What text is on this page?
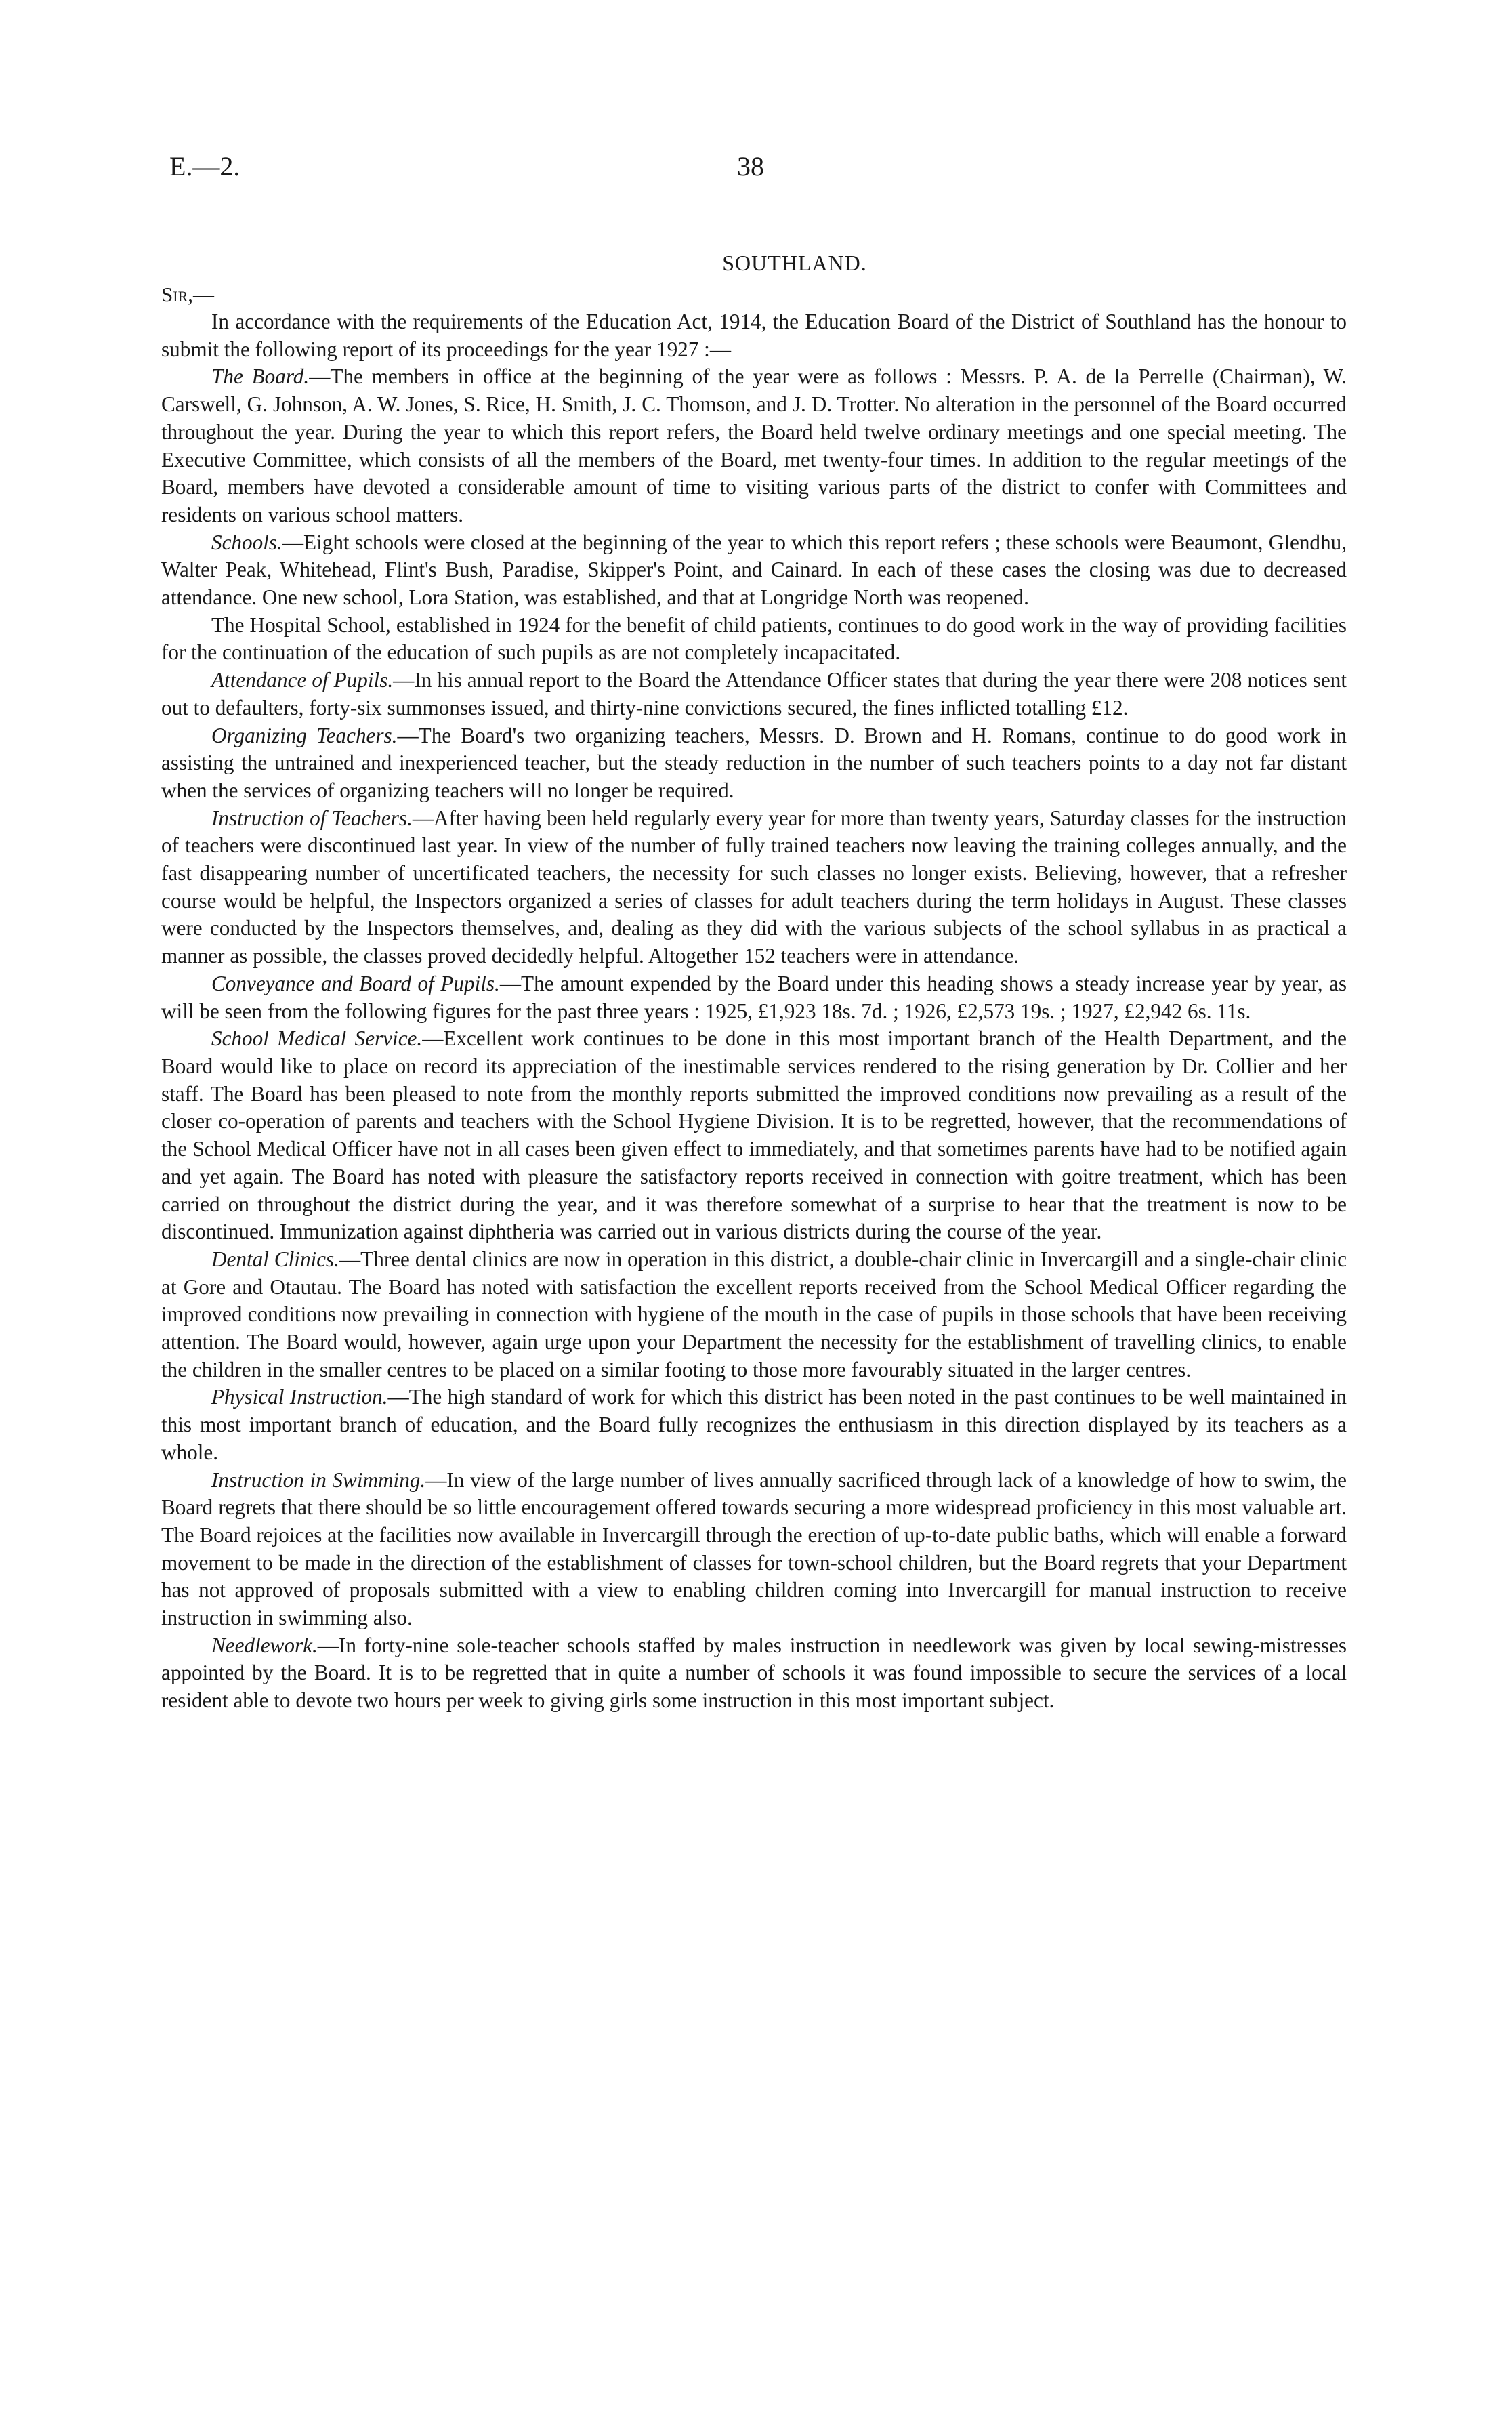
E.—2.	38
SOUTHLAND.
Sir,—

In accordance with the requirements of the Education Act, 1914, the Education Board of the District of Southland has the honour to submit the following report of its proceedings for the year 1927 :—

The Board.—The members in office at the beginning of the year were as follows : Messrs. P. A. de la Perrelle (Chairman), W. Carswell, G. Johnson, A. W. Jones, S. Rice, H. Smith, J. C. Thomson, and J. D. Trotter. No alteration in the personnel of the Board occurred throughout the year. During the year to which this report refers, the Board held twelve ordinary meetings and one special meeting. The Executive Committee, which consists of all the members of the Board, met twenty-four times. In addition to the regular meetings of the Board, members have devoted a considerable amount of time to visiting various parts of the district to confer with Committees and residents on various school matters.

Schools.—Eight schools were closed at the beginning of the year to which this report refers ; these schools were Beaumont, Glendhu, Walter Peak, Whitehead, Flint's Bush, Paradise, Skipper's Point, and Cainard. In each of these cases the closing was due to decreased attendance. One new school, Lora Station, was established, and that at Longridge North was reopened.

The Hospital School, established in 1924 for the benefit of child patients, continues to do good work in the way of providing facilities for the continuation of the education of such pupils as are not completely incapacitated.

Attendance of Pupils.—In his annual report to the Board the Attendance Officer states that during the year there were 208 notices sent out to defaulters, forty-six summonses issued, and thirty-nine convictions secured, the fines inflicted totalling £12.

Organizing Teachers.—The Board's two organizing teachers, Messrs. D. Brown and H. Romans, continue to do good work in assisting the untrained and inexperienced teacher, but the steady reduction in the number of such teachers points to a day not far distant when the services of organizing teachers will no longer be required.

Instruction of Teachers.—After having been held regularly every year for more than twenty years, Saturday classes for the instruction of teachers were discontinued last year. In view of the number of fully trained teachers now leaving the training colleges annually, and the fast disappearing number of uncertificated teachers, the necessity for such classes no longer exists. Believing, however, that a refresher course would be helpful, the Inspectors organized a series of classes for adult teachers during the term holidays in August. These classes were conducted by the Inspectors themselves, and, dealing as they did with the various subjects of the school syllabus in as practical a manner as possible, the classes proved decidedly helpful. Altogether 152 teachers were in attendance.

Conveyance and Board of Pupils.—The amount expended by the Board under this heading shows a steady increase year by year, as will be seen from the following figures for the past three years : 1925, £1,923 18s. 7d. ; 1926, £2,573 19s. ; 1927, £2,942 6s. 11s.

School Medical Service.—Excellent work continues to be done in this most important branch of the Health Department, and the Board would like to place on record its appreciation of the inestimable services rendered to the rising generation by Dr. Collier and her staff. The Board has been pleased to note from the monthly reports submitted the improved conditions now prevailing as a result of the closer co-operation of parents and teachers with the School Hygiene Division. It is to be regretted, however, that the recommendations of the School Medical Officer have not in all cases been given effect to immediately, and that sometimes parents have had to be notified again and yet again. The Board has noted with pleasure the satisfactory reports received in connection with goitre treatment, which has been carried on throughout the district during the year, and it was therefore somewhat of a surprise to hear that the treatment is now to be discontinued. Immunization against diphtheria was carried out in various districts during the course of the year.

Dental Clinics.—Three dental clinics are now in operation in this district, a double-chair clinic in Invercargill and a single-chair clinic at Gore and Otautau. The Board has noted with satisfaction the excellent reports received from the School Medical Officer regarding the improved conditions now prevailing in connection with hygiene of the mouth in the case of pupils in those schools that have been receiving attention. The Board would, however, again urge upon your Department the necessity for the establishment of travelling clinics, to enable the children in the smaller centres to be placed on a similar footing to those more favourably situated in the larger centres.

Physical Instruction.—The high standard of work for which this district has been noted in the past continues to be well maintained in this most important branch of education, and the Board fully recognizes the enthusiasm in this direction displayed by its teachers as a whole.

Instruction in Swimming.—In view of the large number of lives annually sacrificed through lack of a knowledge of how to swim, the Board regrets that there should be so little encouragement offered towards securing a more widespread proficiency in this most valuable art. The Board rejoices at the facilities now available in Invercargill through the erection of up-to-date public baths, which will enable a forward movement to be made in the direction of the establishment of classes for town-school children, but the Board regrets that your Department has not approved of proposals submitted with a view to enabling children coming into Invercargill for manual instruction to receive instruction in swimming also.

Needlework.—In forty-nine sole-teacher schools staffed by males instruction in needlework was given by local sewing-mistresses appointed by the Board. It is to be regretted that in quite a number of schools it was found impossible to secure the services of a local resident able to devote two hours per week to giving girls some instruction in this most important subject.
